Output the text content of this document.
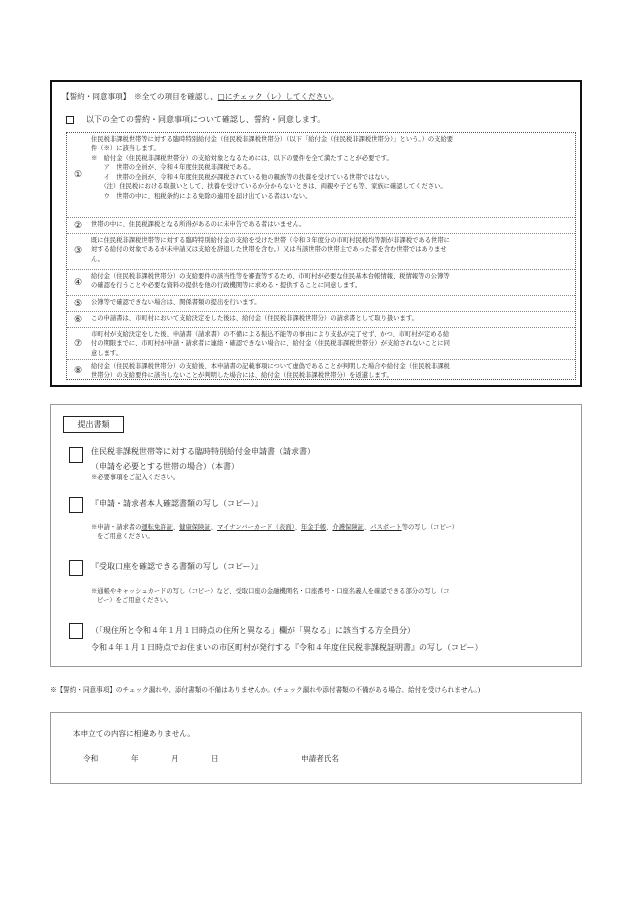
【誓約・同意事項】　※全ての項目を確認し、□にチェック（レ）してください。
以下の全ての誓約・同意事項について確認し、誓約・同意します。
①
住民税非課税世帯等に対する臨時特別給付金（住民税非課税世帯分）（以下「給付金（住民税非課税世帯分）」という。）の支給要
件（※）に該当します。
※　給付金（住民税非課税世帯分）の支給対象となるためには、以下の要件を全て満たすことが必要です。
　　ア　世帯の全員が、令和４年度住民税非課税である。
　　イ　世帯の全員が、令和４年度住民税が課税されている他の親族等の扶養を受けている世帯ではない。
　　（注）住民税における取扱いとして、扶養を受けているか分からないときは、両親や子ども等、家族に確認してください。
　　ウ　世帯の中に、租税条約による免除の適用を届け出ている者はいない。
②	世帯の中に、住民税課税となる所得があるのに未申告である者はいません。
③
既に住民税非課税世帯等に対する臨時特別給付金の支給を受けた世帯（令和３年度分の市町村民税均等割が非課税である世帯に
対する給付の対象であるが未申請又は支給を辞退した世帯を含む。）又は当該世帯の世帯主であった者を含む世帯ではありませ
ん。
④
給付金（住民税非課税世帯分）の支給要件の該当性等を審査等するため、市町村が必要な住民基本台帳情報、税情報等の公簿等
の確認を行うことや必要な資料の提供を他の行政機関等に求める・提供することに同意します。
⑤	公簿等で確認できない場合は、関係書類の提出を行います。
⑥	この申請書は、市町村において支給決定をした後は、給付金（住民税非課税世帯分）の請求書として取り扱います。
⑦
市町村が支給決定をした後、申請書（請求書）の不備による振込不能等の事由により支払が完了せず、かつ、市町村が定める給
付の期限までに、市町村が申請・請求者に連絡・確認できない場合に、給付金（住民税非課税世帯分）が支給されないことに同
意します。
⑧	給付金（住民税非課税世帯分）の支給後、本申請書の記載事項について虚偽であることが判明した場合や給付金（住民税非課税
世帯分）の支給要件に該当しないことが判明した場合には、給付金（住民税非課税世帯分）を返還します。
提出書類
住民税非課税世帯等に対する臨時特別給付金申請書（請求書）
（申請を必要とする世帯の場合）（本書）
※必要事項をご記入ください。
『申請・請求者本人確認書類の写し（コピー）』
※申請・請求者の運転免許証、健康保険証、マイナンバーカード（表面）、年金手帳、介護保険証、パスポート等の写し（コピー）
をご用意ください。
『受取口座を確認できる書類の写し（コピー）』
※通帳やキャッシュカードの写し（コピー）など、受取口座の金融機関名・口座番号・口座名義人を確認できる部分の写し（コ
ピー）をご用意ください。
（「現住所と令和４年１月１日時点の住所と異なる」欄が「異なる」に該当する方全員分）
令和４年１月１日時点でお住まいの市区町村が発行する『令和４年度住民税非課税証明書』の写し（コピー）
※【誓約・同意事項】のチェック漏れや、添付書類の不備はありませんか。(チェック漏れや添付書類の不備がある場合、給付を受けられません。)
本申立ての内容に相違ありません。
令和	年	月	日	申請者氏名
